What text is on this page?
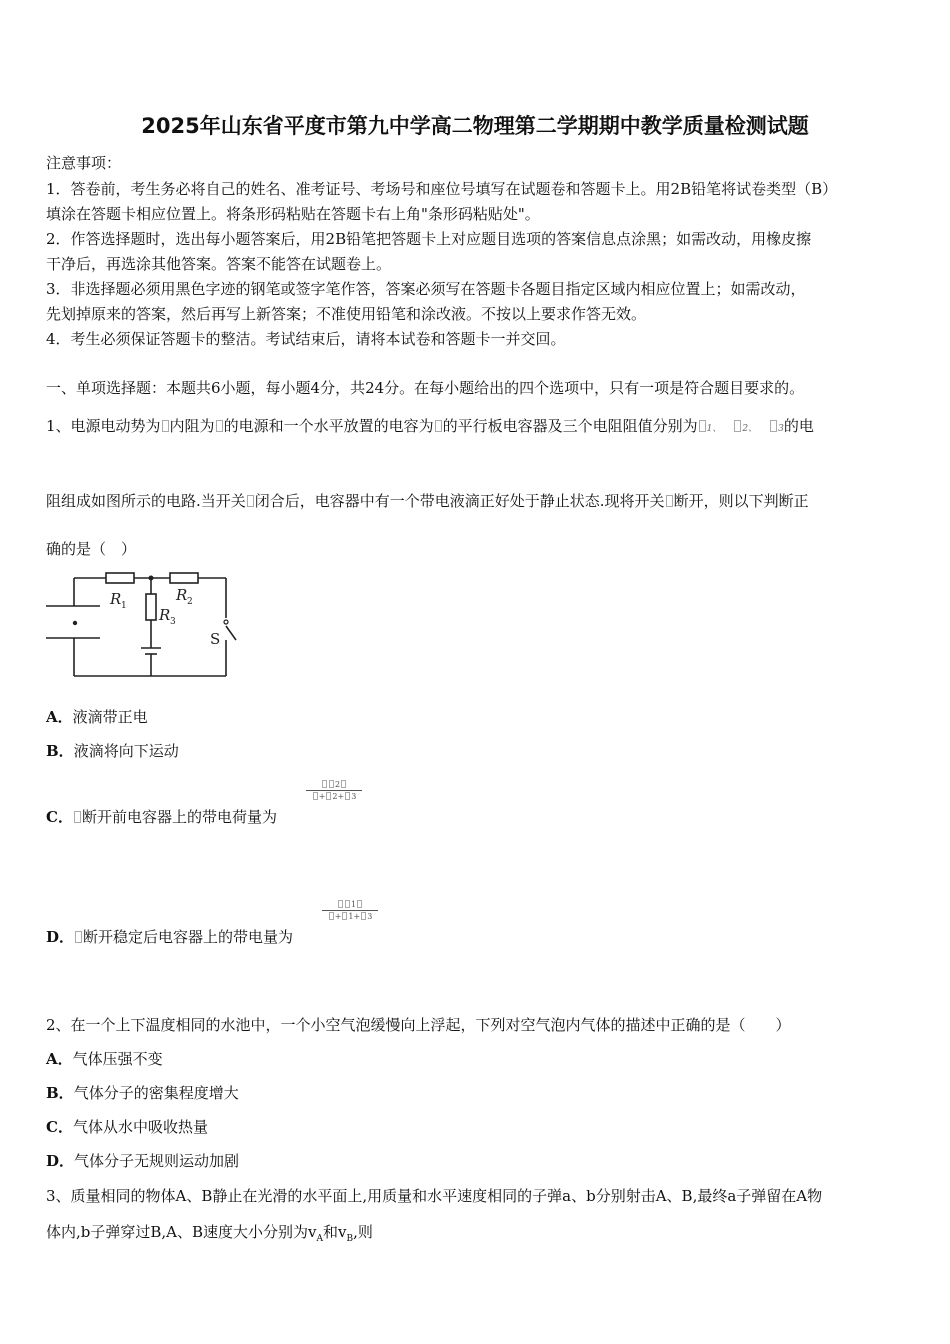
2025年山东省平度市第九中学高二物理第二学期期中教学质量检测试题
注意事项：
1．答卷前，考生务必将自己的姓名、准考证号、考场号和座位号填写在试题卷和答题卡上。用2B铅笔将试卷类型（B）
填涂在答题卡相应位置上。将条形码粘贴在答题卡右上角"条形码粘贴处"。
2．作答选择题时，选出每小题答案后，用2B铅笔把答题卡上对应题目选项的答案信息点涂黑；如需改动，用橡皮擦
干净后，再选涂其他答案。答案不能答在试题卷上。
3．非选择题必须用黑色字迹的钢笔或签字笔作答，答案必须写在答题卡各题目指定区域内相应位置上；如需改动，
先划掉原来的答案，然后再写上新答案；不准使用铅笔和涂改液。不按以上要求作答无效。
4．考生必须保证答题卡的整洁。考试结束后，请将本试卷和答题卡一并交回。
一、单项选择题：本题共6小题，每小题4分，共24分。在每小题给出的四个选项中，只有一项是符合题目要求的。
1、电源电动势为 内阻为 的电源和一个水平放置的电容为 的平行板电容器及三个电阻阻值分别为 1、 2、 3的电
阻组成如图所示的电路.当开关 闭合后，电容器中有一个带电液滴正好处于静止状态.现将开关 断开，则以下判断正
确的是（　）
R 1
R 2
R 3
S
A．液滴带正电
B．液滴将向下运动
C． 断开前电容器上的带电荷量为
2
+ 2+ 3
D． 断开稳定后电容器上的带电量为
1
+ 1+ 3
2、在一个上下温度相同的水池中，一个小空气泡缓慢向上浮起，下列对空气泡内气体的描述中正确的是（　　）
A．气体压强不变
B．气体分子的密集程度增大
C．气体从水中吸收热量
D．气体分子无规则运动加剧
3、质量相同的物体A、B静止在光滑的水平面上,用质量和水平速度相同的子弹a、b分别射击A、B,最终a子弹留在A物
体内,b子弹穿过B,A、B速度大小分别为$v_A$和$v_B$,则
